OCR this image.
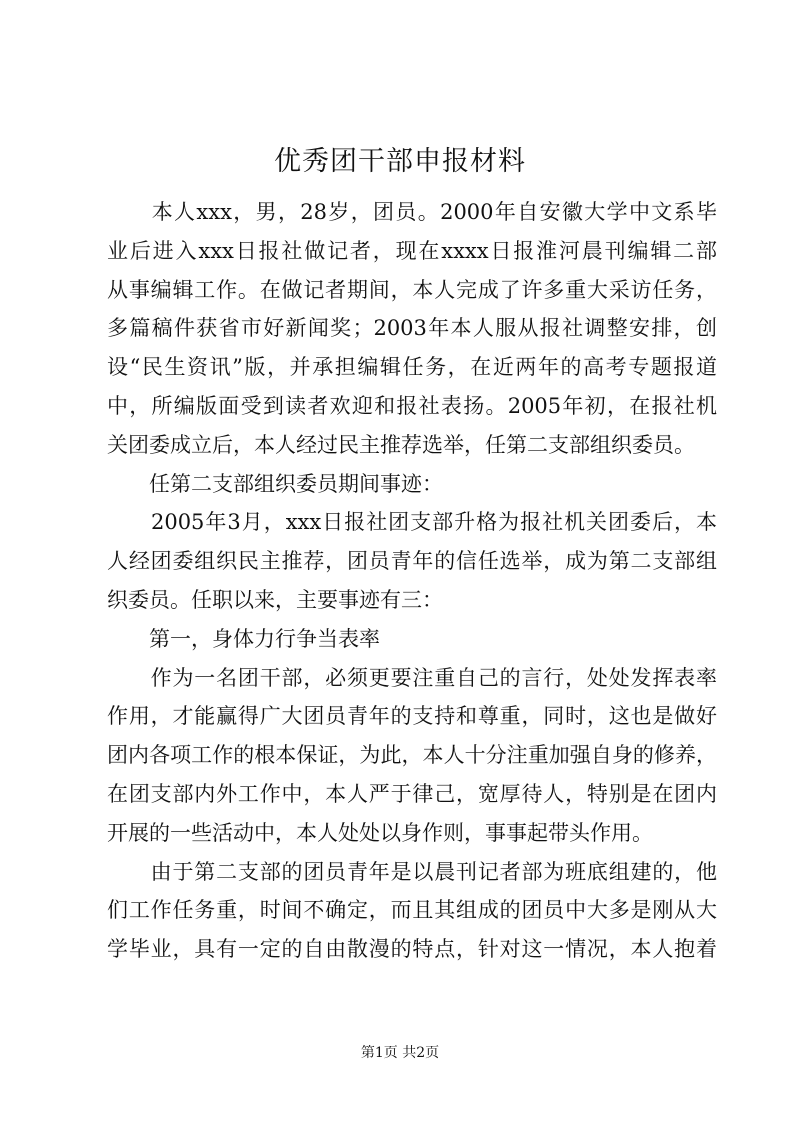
优秀团干部申报材料
　　本人xxx，男，28岁，团员。2000年自安徽大学中文系毕
业后进入xxx日报社做记者，现在xxxx日报淮河晨刊编辑二部
从事编辑工作。在做记者期间，本人完成了许多重大采访任务，
多篇稿件获省市好新闻奖；2003年本人服从报社调整安排，创
设“民生资讯”版，并承担编辑任务，在近两年的高考专题报道
中，所编版面受到读者欢迎和报社表扬。2005年初，在报社机
关团委成立后，本人经过民主推荐选举，任第二支部组织委员。
　　任第二支部组织委员期间事迹：
　　2005年3月，xxx日报社团支部升格为报社机关团委后，本
人经团委组织民主推荐，团员青年的信任选举，成为第二支部组
织委员。任职以来，主要事迹有三：
　　第一，身体力行争当表率
　　作为一名团干部，必须更要注重自己的言行，处处发挥表率
作用，才能赢得广大团员青年的支持和尊重，同时，这也是做好
团内各项工作的根本保证，为此，本人十分注重加强自身的修养，
在团支部内外工作中，本人严于律己，宽厚待人，特别是在团内
开展的一些活动中，本人处处以身作则，事事起带头作用。
　　由于第二支部的团员青年是以晨刊记者部为班底组建的，他
们工作任务重，时间不确定，而且其组成的团员中大多是刚从大
学毕业，具有一定的自由散漫的特点，针对这一情况，本人抱着
第1页 共2页
